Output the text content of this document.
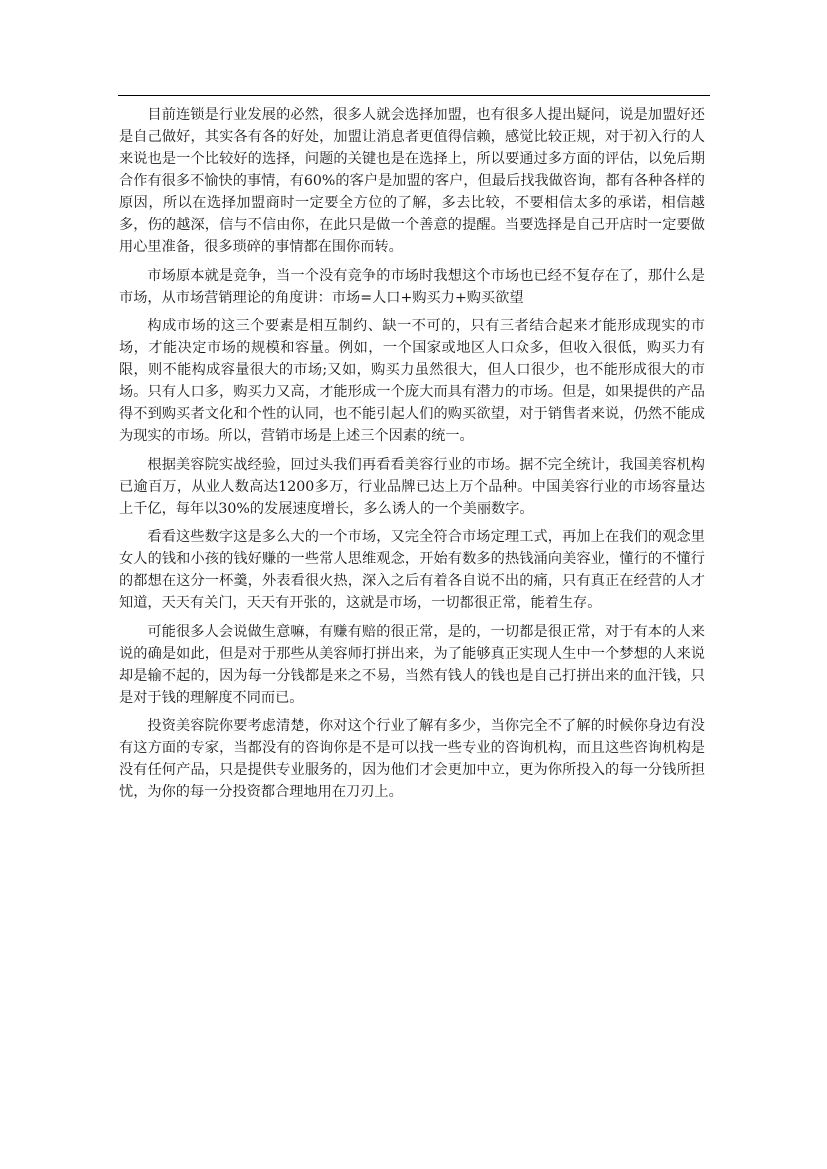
目前连锁是行业发展的必然，很多人就会选择加盟，也有很多人提出疑问，说是加盟好还是自己做好，其实各有各的好处，加盟让消息者更值得信赖，感觉比较正规，对于初入行的人来说也是一个比较好的选择，问题的关键也是在选择上，所以要通过多方面的评估，以免后期合作有很多不愉快的事情，有60%的客户是加盟的客户，但最后找我做咨询，都有各种各样的原因，所以在选择加盟商时一定要全方位的了解，多去比较，不要相信太多的承诺，相信越多，伤的越深，信与不信由你，在此只是做一个善意的提醒。当要选择是自己开店时一定要做用心里准备，很多琐碎的事情都在围你而转。

市场原本就是竞争，当一个没有竞争的市场时我想这个市场也已经不复存在了，那什么是市场，从市场营销理论的角度讲：市场=人口+购买力+购买欲望

构成市场的这三个要素是相互制约、缺一不可的，只有三者结合起来才能形成现实的市场，才能决定市场的规模和容量。例如，一个国家或地区人口众多，但收入很低，购买力有限，则不能构成容量很大的市场;又如，购买力虽然很大，但人口很少，也不能形成很大的市场。只有人口多，购买力又高，才能形成一个庞大而具有潜力的市场。但是，如果提供的产品得不到购买者文化和个性的认同，也不能引起人们的购买欲望，对于销售者来说，仍然不能成为现实的市场。所以，营销市场是上述三个因素的统一。

根据美容院实战经验，回过头我们再看看美容行业的市场。据不完全统计，我国美容机构已逾百万，从业人数高达1200多万，行业品牌已达上万个品种。中国美容行业的市场容量达上千亿，每年以30%的发展速度增长，多么诱人的一个美丽数字。

看看这些数字这是多么大的一个市场，又完全符合市场定理工式，再加上在我们的观念里女人的钱和小孩的钱好赚的一些常人思维观念，开始有数多的热钱涌向美容业，懂行的不懂行的都想在这分一杯羹，外表看很火热，深入之后有着各自说不出的痛，只有真正在经营的人才知道，天天有关门，天天有开张的，这就是市场，一切都很正常，能着生存。

可能很多人会说做生意嘛，有赚有赔的很正常，是的，一切都是很正常，对于有本的人来说的确是如此，但是对于那些从美容师打拼出来，为了能够真正实现人生中一个梦想的人来说却是输不起的，因为每一分钱都是来之不易，当然有钱人的钱也是自己打拼出来的血汗钱，只是对于钱的理解度不同而已。

投资美容院你要考虑清楚，你对这个行业了解有多少，当你完全不了解的时候你身边有没有这方面的专家，当都没有的咨询你是不是可以找一些专业的咨询机构，而且这些咨询机构是没有任何产品，只是提供专业服务的，因为他们才会更加中立，更为你所投入的每一分钱所担忧，为你的每一分投资都合理地用在刀刃上。
